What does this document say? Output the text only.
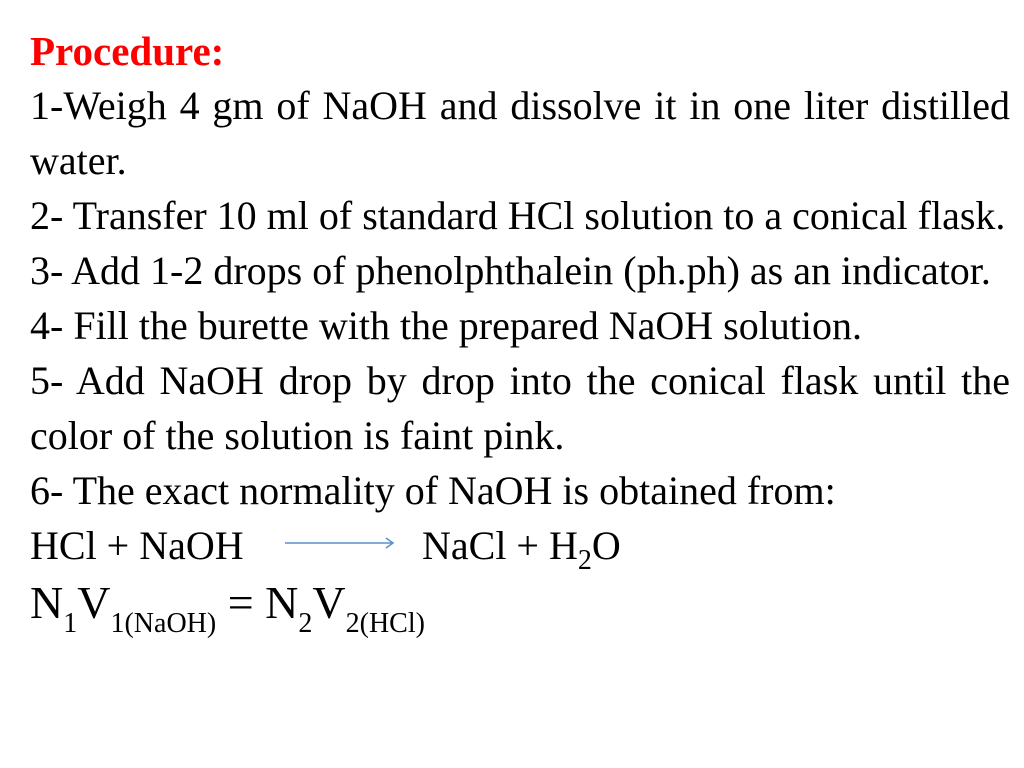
Procedure:

1-Weigh 4 gm of NaOH and dissolve it in one liter distilled water.

2- Transfer 10 ml of standard HCl solution to a conical flask.

3- Add 1-2 drops of phenolphthalein (ph.ph) as an indicator.

4- Fill the burette with the prepared NaOH solution.

5- Add NaOH drop by drop into the conical flask until the color of the solution is faint pink.

6- The exact normality of NaOH is obtained from:

HCl + NaOH → NaCl + $H_2O$

$N_1V_{1(NaOH)} = N_2V_{2(HCl)}$
